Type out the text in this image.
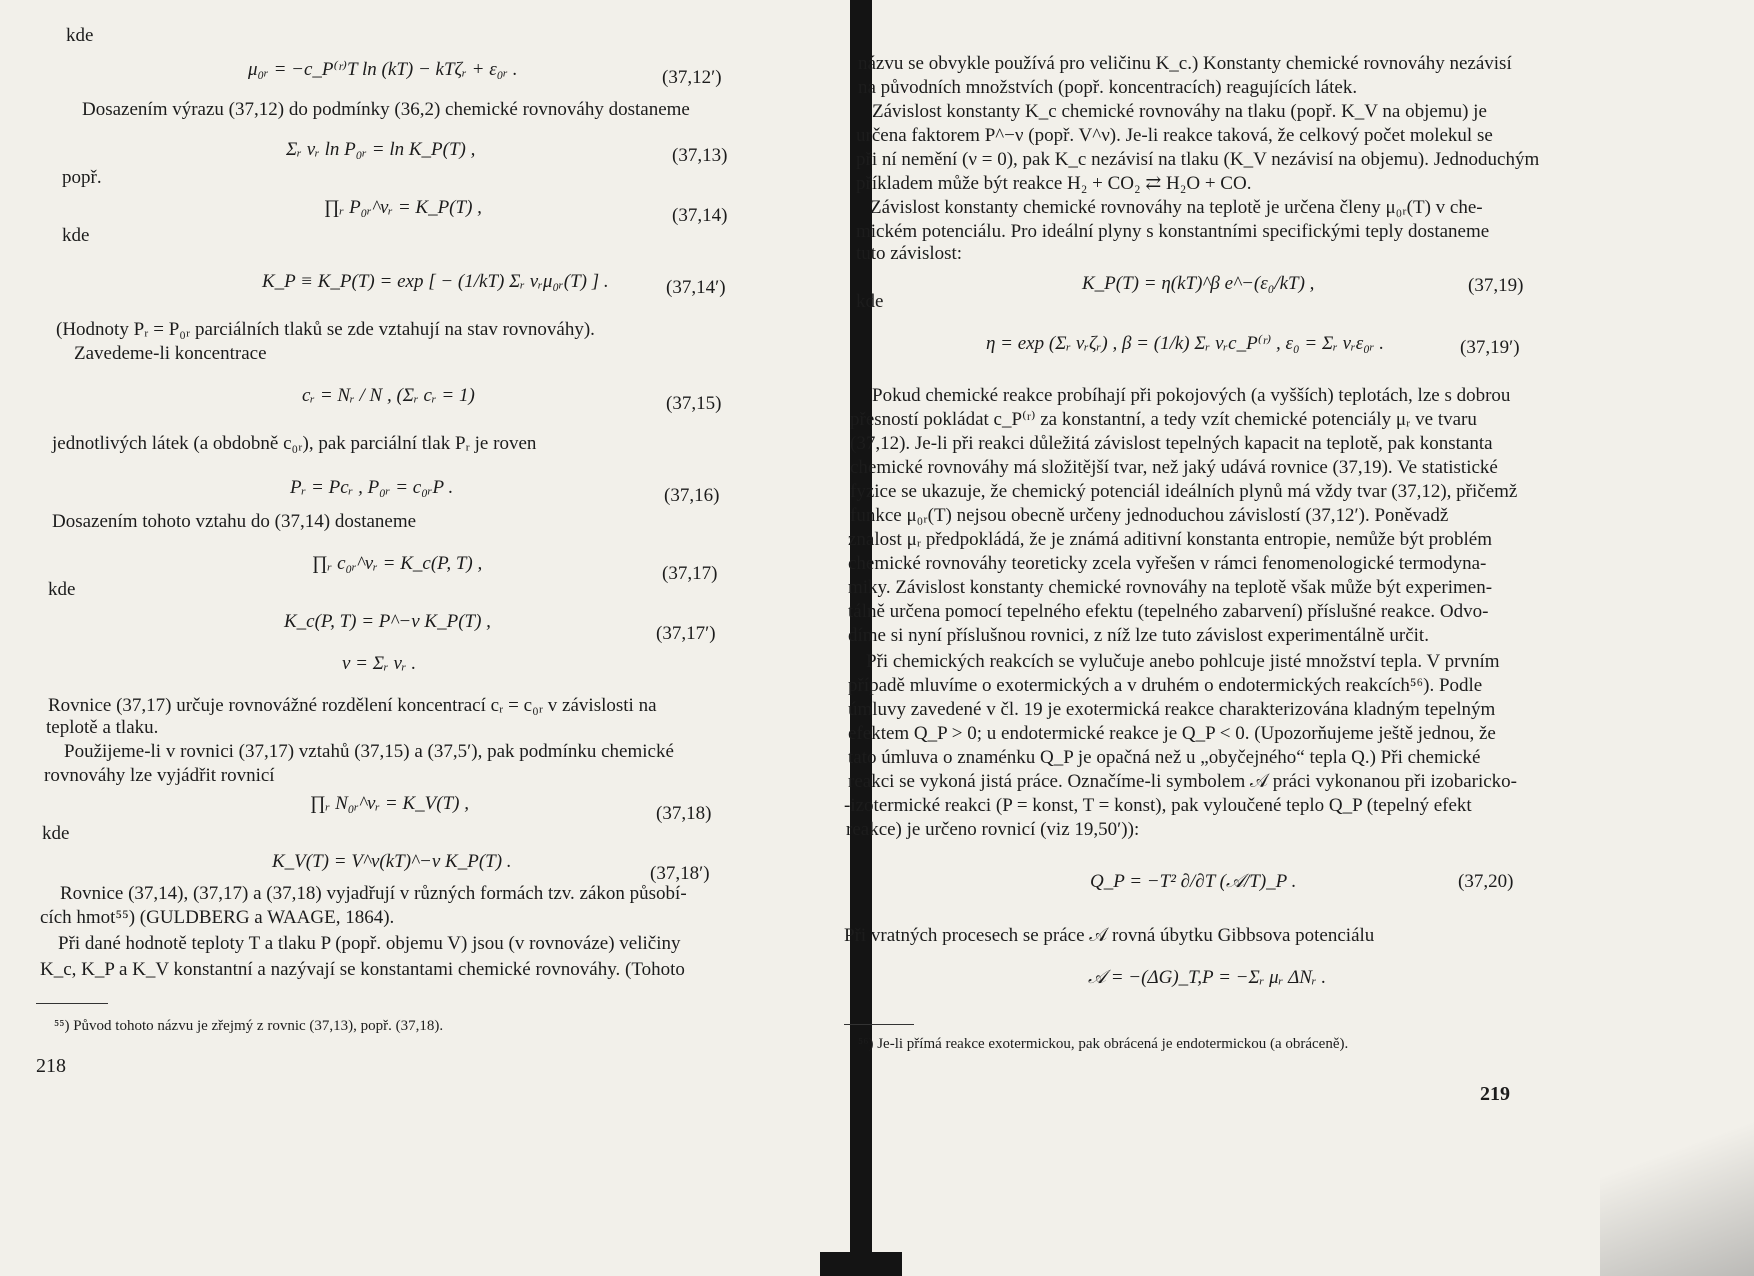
kde
μ₀ᵣ = −c_P⁽ʳ⁾T ln (kT) − kTζᵣ + ε₀ᵣ .	(37,12′)
Dosazením výrazu (37,12) do podmínky (36,2) chemické rovnováhy dostaneme
Σᵣ νᵣ ln P₀ᵣ = ln K_P(T) ,	(37,13)
popř.
∏ᵣ P₀ᵣ^νᵣ = K_P(T) ,	(37,14)
kde
K_P ≡ K_P(T) = exp [ − (1/kT) Σᵣ νᵣμ₀ᵣ(T) ] .	(37,14′)
(Hodnoty Pᵣ = P₀ᵣ parciálních tlaků se zde vztahují na stav rovnováhy).
Zavedeme-li koncentrace
cᵣ = Nᵣ / N , (Σᵣ cᵣ = 1)	(37,15)
jednotlivých látek (a obdobně c₀ᵣ), pak parciální tlak Pᵣ je roven
Pᵣ = Pcᵣ , P₀ᵣ = c₀ᵣP .	(37,16)
Dosazením tohoto vztahu do (37,14) dostaneme
∏ᵣ c₀ᵣ^νᵣ = K_c(P, T) ,	(37,17)
kde
K_c(P, T) = P^−ν K_P(T) ,
(37,17′)
ν = Σᵣ νᵣ .
Rovnice (37,17) určuje rovnovážné rozdělení koncentrací cᵣ = c₀ᵣ v závislosti na
teplotě a tlaku.
Použijeme-li v rovnici (37,17) vztahů (37,15) a (37,5′), pak podmínku chemické
rovnováhy lze vyjádřit rovnicí
∏ᵣ N₀ᵣ^νᵣ = K_V(T) ,	(37,18)
kde
K_V(T) = V^ν(kT)^−ν K_P(T) .
(37,18′)
Rovnice (37,14), (37,17) a (37,18) vyjadřují v různých formách tzv. zákon působí-
cích hmot⁵⁵) (GULDBERG a WAAGE, 1864).
Při dané hodnotě teploty T a tlaku P (popř. objemu V) jsou (v rovnováze) veličiny
K_c, K_P a K_V konstantní a nazývají se konstantami chemické rovnováhy. (Tohoto
⁵⁵) Původ tohoto názvu je zřejmý z rovnic (37,13), popř. (37,18).
218
názvu se obvykle používá pro veličinu K_c.) Konstanty chemické rovnováhy nezávisí
na původních množstvích (popř. koncentracích) reagujících látek.
Závislost konstanty K_c chemické rovnováhy na tlaku (popř. K_V na objemu) je
určena faktorem P^−ν (popř. V^ν). Je-li reakce taková, že celkový počet molekul se
při ní nemění (ν = 0), pak K_c nezávisí na tlaku (K_V nezávisí na objemu). Jednoduchým
příkladem může být reakce H₂ + CO₂ ⇄ H₂O + CO.
Závislost konstanty chemické rovnováhy na teplotě je určena členy μ₀ᵣ(T) v che-
mickém potenciálu. Pro ideální plyny s konstantními specifickými teply dostaneme
tuto závislost:
K_P(T) = η(kT)^β e^−(ε₀/kT) ,	(37,19)
kde
η = exp (Σᵣ νᵣζᵣ) , β = (1/k) Σᵣ νᵣc_P⁽ʳ⁾ , ε₀ = Σᵣ νᵣε₀ᵣ .	(37,19′)
Pokud chemické reakce probíhají při pokojových (a vyšších) teplotách, lze s dobrou
přesností pokládat c_P⁽ʳ⁾ za konstantní, a tedy vzít chemické potenciály μᵣ ve tvaru
(37,12). Je-li při reakci důležitá závislost tepelných kapacit na teplotě, pak konstanta
chemické rovnováhy má složitější tvar, než jaký udává rovnice (37,19). Ve statistické
fyzice se ukazuje, že chemický potenciál ideálních plynů má vždy tvar (37,12), přičemž
funkce μ₀ᵣ(T) nejsou obecně určeny jednoduchou závislostí (37,12′). Poněvadž
znalost μᵣ předpokládá, že je známá aditivní konstanta entropie, nemůže být problém
chemické rovnováhy teoreticky zcela vyřešen v rámci fenomenologické termodyna-
miky. Závislost konstanty chemické rovnováhy na teplotě však může být experimen-
tálně určena pomocí tepelného efektu (tepelného zabarvení) příslušné reakce. Odvo-
díme si nyní příslušnou rovnici, z níž lze tuto závislost experimentálně určit.
Při chemických reakcích se vylučuje anebo pohlcuje jisté množství tepla. V prvním
případě mluvíme o exotermických a v druhém o endotermických reakcích⁵⁶). Podle
úmluvy zavedené v čl. 19 je exotermická reakce charakterizována kladným tepelným
efektem Q_P > 0; u endotermické reakce je Q_P < 0. (Upozorňujeme ještě jednou, že
tato úmluva o znaménku Q_P je opačná než u „obyčejného“ tepla Q.) Při chemické
reakci se vykoná jistá práce. Označíme-li symbolem 𝒜 práci vykonanou při izobaricko-
-izotermické reakci (P = konst, T = konst), pak vyloučené teplo Q_P (tepelný efekt
reakce) je určeno rovnicí (viz 19,50′)):
Q_P = −T² ∂/∂T (𝒜/T)_P .	(37,20)
Při vratných procesech se práce 𝒜 rovná úbytku Gibbsova potenciálu
𝒜 = −(ΔG)_T,P = −Σᵣ μᵣ ΔNᵣ .
⁵⁶) Je-li přímá reakce exotermickou, pak obrácená je endotermickou (a obráceně).
219
